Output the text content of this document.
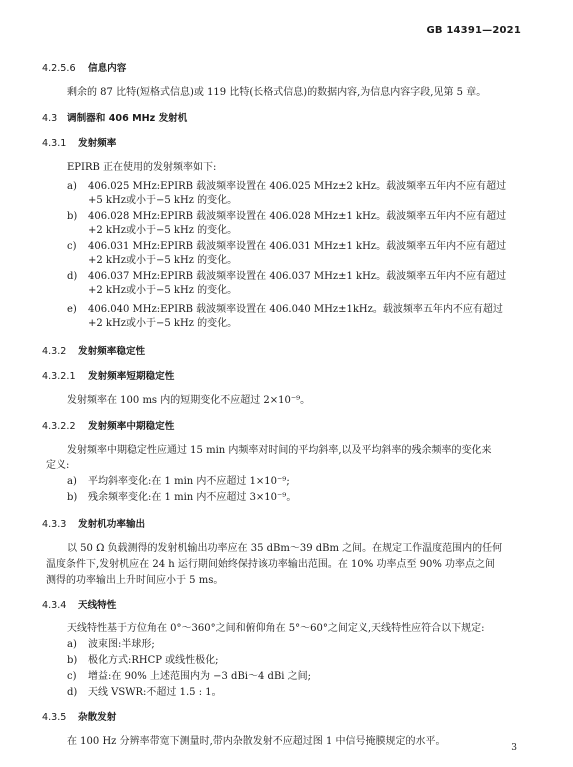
GB 14391—2021
4.2.5.6 信息内容
剩余的 87 比特(短格式信息)或 119 比特(长格式信息)的数据内容,为信息内容字段,见第 5 章。
4.3 调制器和 406 MHz 发射机
4.3.1 发射频率
EPIRB 正在使用的发射频率如下:
a) 406.025 MHz:EPIRB 载波频率设置在 406.025 MHz±2 kHz。载波频率五年内不应有超过
+5 kHz或小于−5 kHz 的变化。
b) 406.028 MHz:EPIRB 载波频率设置在 406.028 MHz±1 kHz。载波频率五年内不应有超过
+2 kHz或小于−5 kHz 的变化。
c) 406.031 MHz:EPIRB 载波频率设置在 406.031 MHz±1 kHz。载波频率五年内不应有超过
+2 kHz或小于−5 kHz 的变化。
d) 406.037 MHz:EPIRB 载波频率设置在 406.037 MHz±1 kHz。载波频率五年内不应有超过
+2 kHz或小于−5 kHz 的变化。
e) 406.040 MHz:EPIRB 载波频率设置在 406.040 MHz±1kHz。载波频率五年内不应有超过
+2 kHz或小于−5 kHz 的变化。
4.3.2 发射频率稳定性
4.3.2.1 发射频率短期稳定性
发射频率在 100 ms 内的短期变化不应超过 2×10⁻⁹。
4.3.2.2 发射频率中期稳定性
发射频率中期稳定性应通过 15 min 内频率对时间的平均斜率,以及平均斜率的残余频率的变化来
定义:
a) 平均斜率变化:在 1 min 内不应超过 1×10⁻⁹;
b) 残余频率变化:在 1 min 内不应超过 3×10⁻⁹。
4.3.3 发射机功率输出
以 50 Ω 负载测得的发射机输出功率应在 35 dBm～39 dBm 之间。在规定工作温度范围内的任何
温度条件下,发射机应在 24 h 运行期间始终保持该功率输出范围。在 10% 功率点至 90% 功率点之间
测得的功率输出上升时间应小于 5 ms。
4.3.4 天线特性
天线特性基于方位角在 0°～360°之间和俯仰角在 5°～60°之间定义,天线特性应符合以下规定:
a) 波束图:半球形;
b) 极化方式:RHCP 或线性极化;
c) 增益:在 90% 上述范围内为 −3 dBi～4 dBi 之间;
d) 天线 VSWR:不超过 1.5 : 1。
4.3.5 杂散发射
在 100 Hz 分辨率带宽下测量时,带内杂散发射不应超过图 1 中信号掩膜规定的水平。
3
